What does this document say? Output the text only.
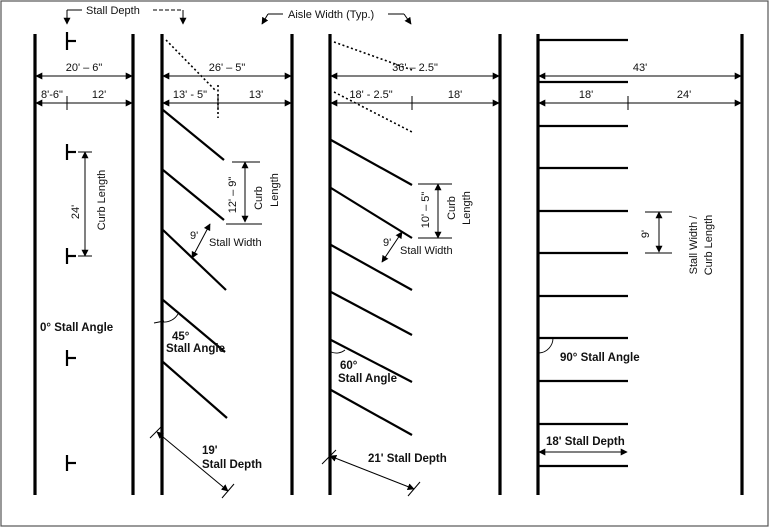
Stall Depth	Aisle Width (Typ.)
20' – 6"
8'-6"	12'
24' Curb Length
0° Stall Angle
26' – 5"
13' - 5"	13'
12' – 9" Curb Length
9'
Stall Width
45°
Stall Angle
19'
Stall Depth
36' – 2.5"
18' - 2.5"	18'
10' – 5" Curb Length
9'
Stall Width
60°
Stall Angle
21' Stall Depth
43'
18'	24'
9'	Stall Width / Curb Length
90° Stall Angle
18' Stall Depth
